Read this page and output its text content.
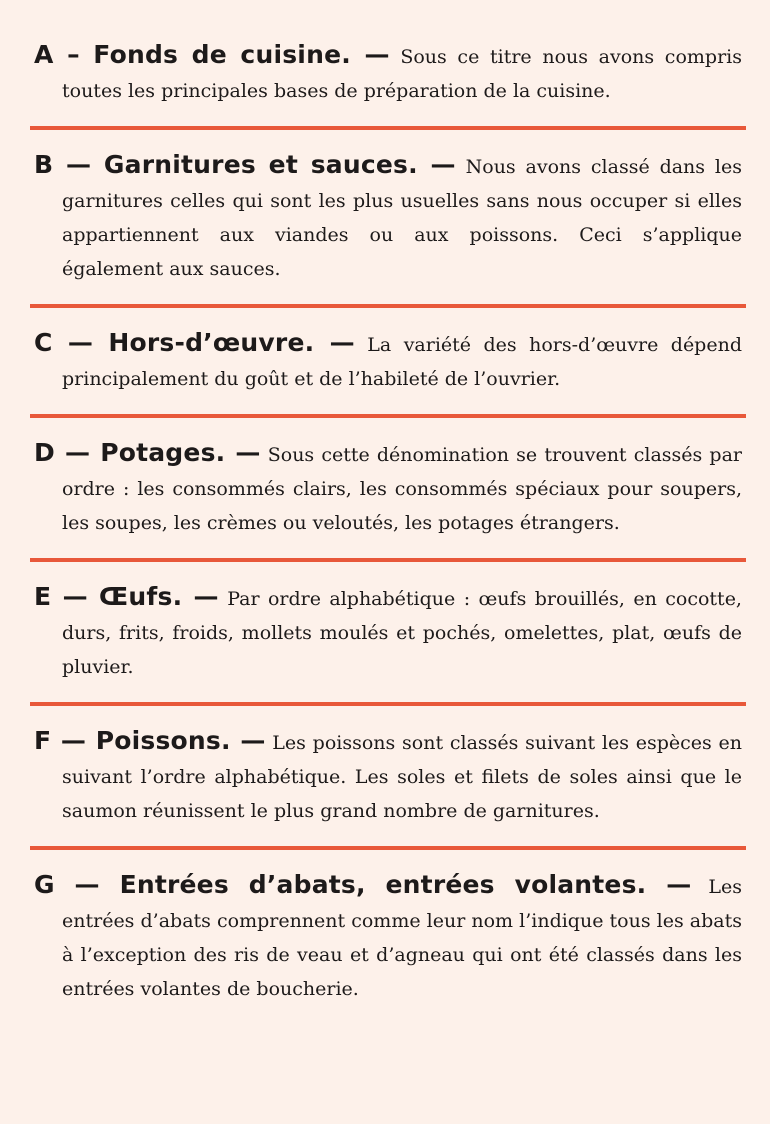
A – Fonds de cuisine. — Sous ce titre nous avons compris toutes les principales bases de préparation de la cuisine.

B — Garnitures et sauces. — Nous avons classé dans les garnitures celles qui sont les plus usuelles sans nous occuper si elles appartiennent aux viandes ou aux poissons. Ceci s’applique également aux sauces.

C — Hors-d’œuvre. — La variété des hors-d’œuvre dépend principalement du goût et de l’habileté de l’ouvrier.

D — Potages. — Sous cette dénomination se trouvent classés par ordre : les consommés clairs, les consommés spéciaux pour soupers, les soupes, les crèmes ou veloutés, les potages étrangers.

E — Œufs. — Par ordre alphabétique : œufs brouillés, en cocotte, durs, frits, froids, mollets moulés et pochés, omelettes, plat, œufs de pluvier.

F — Poissons. — Les poissons sont classés suivant les espèces en suivant l’ordre alphabétique. Les soles et filets de soles ainsi que le saumon réunissent le plus grand nombre de garnitures.

G — Entrées d’abats, entrées volantes. — Les entrées d’abats comprennent comme leur nom l’indique tous les abats à l’exception des ris de veau et d’agneau qui ont été classés dans les entrées volantes de boucherie.
